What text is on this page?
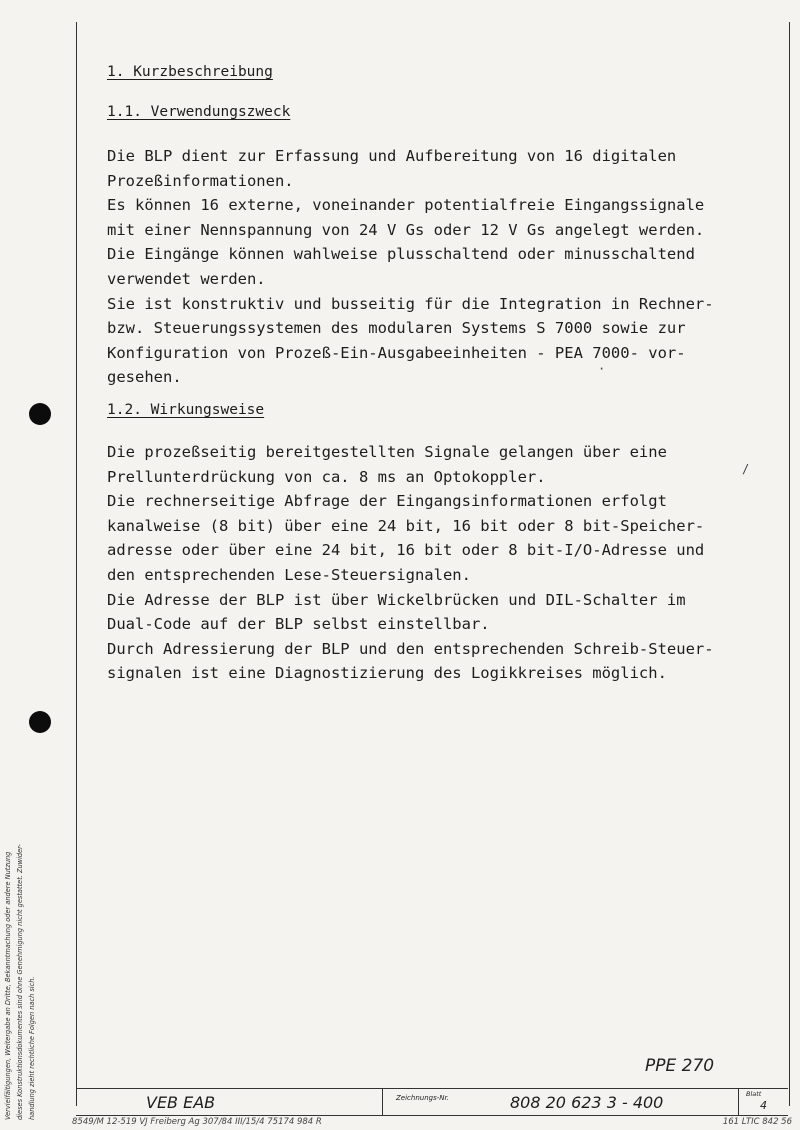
1. Kurzbeschreibung
1.1. Verwendungszweck
Die BLP dient zur Erfassung und Aufbereitung von 16 digitalen
Prozeßinformationen.
Es können 16 externe, voneinander potentialfreie Eingangssignale
mit einer Nennspannung von 24 V Gs oder 12 V Gs angelegt werden.
Die Eingänge können wahlweise plusschaltend oder minusschaltend
verwendet werden.
Sie ist konstruktiv und busseitig für die Integration in Rechner-
bzw. Steuerungssystemen des modularen Systems S 7000 sowie zur
Konfiguration von Prozeß-Ein-Ausgabeeinheiten - PEA 7000- vor-
gesehen.
1.2. Wirkungsweise
Die prozeßseitig bereitgestellten Signale gelangen über eine
Prellunterdrückung von ca. 8 ms an Optokoppler.
Die rechnerseitige Abfrage der Eingangsinformationen erfolgt
kanalweise (8 bit) über eine 24 bit, 16 bit oder 8 bit-Speicher-
adresse oder über eine 24 bit, 16 bit oder 8 bit-I/O-Adresse und
den entsprechenden Lese-Steuersignalen.
Die Adresse der BLP ist über Wickelbrücken und DIL-Schalter im
Dual-Code auf der BLP selbst einstellbar.
Durch Adressierung der BLP und den entsprechenden Schreib-Steuer-
signalen ist eine Diagnostizierung des Logikkreises möglich.
·
/
Vervielfältigungen, Weitergabe an Dritte, Bekanntmachung oder andere Nutzung dieses Konstruktionsdokumentes sind ohne Genehmigung nicht gestattet. Zuwider- handlung zieht rechtliche Folgen nach sich.	PPE 270
VEB EAB	Zeichnungs-Nr.	808 20 623 3 - 400	Blatt
4
8549/M 12-519 VJ Freiberg Ag 307/84 III/15/4 75174 984 R	161 LTIC 842 56
